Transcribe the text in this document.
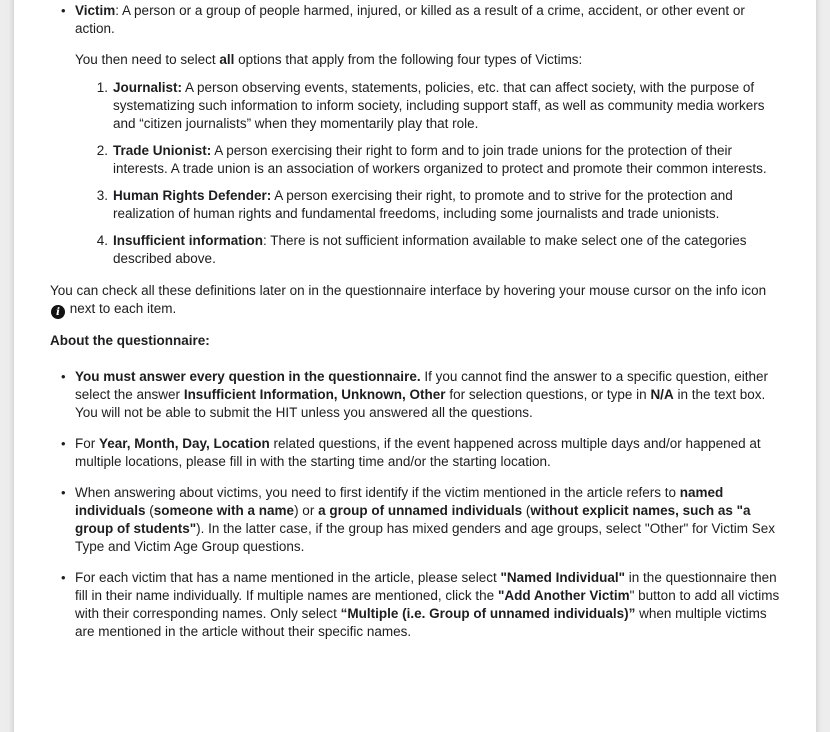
• Victim: A person or a group of people harmed, injured, or killed as a result of a crime, accident, or other event or action.

You then need to select all options that apply from the following four types of Victims:

1. Journalist: A person observing events, statements, policies, etc. that can affect society, with the purpose of systematizing such information to inform society, including support staff, as well as community media workers and “citizen journalists” when they momentarily play that role.
2. Trade Unionist: A person exercising their right to form and to join trade unions for the protection of their interests. A trade union is an association of workers organized to protect and promote their common interests.
3. Human Rights Defender: A person exercising their right, to promote and to strive for the protection and realization of human rights and fundamental freedoms, including some journalists and trade unionists.
4. Insufficient information: There is not sufficient information available to make select one of the categories described above.

You can check all these definitions later on in the questionnaire interface by hovering your mouse cursor on the info icon i next to each item.

About the questionnaire:

• You must answer every question in the questionnaire. If you cannot find the answer to a specific question, either select the answer Insufficient Information, Unknown, Other for selection questions, or type in N/A in the text box. You will not be able to submit the HIT unless you answered all the questions.
• For Year, Month, Day, Location related questions, if the event happened across multiple days and/or happened at multiple locations, please fill in with the starting time and/or the starting location.
• When answering about victims, you need to first identify if the victim mentioned in the article refers to named individuals (someone with a name) or a group of unnamed individuals (without explicit names, such as "a group of students"). In the latter case, if the group has mixed genders and age groups, select "Other" for Victim Sex Type and Victim Age Group questions.
• For each victim that has a name mentioned in the article, please select "Named Individual" in the questionnaire then fill in their name individually. If multiple names are mentioned, click the "Add Another Victim" button to add all victims with their corresponding names. Only select “Multiple (i.e. Group of unnamed individuals)” when multiple victims are mentioned in the article without their specific names.
